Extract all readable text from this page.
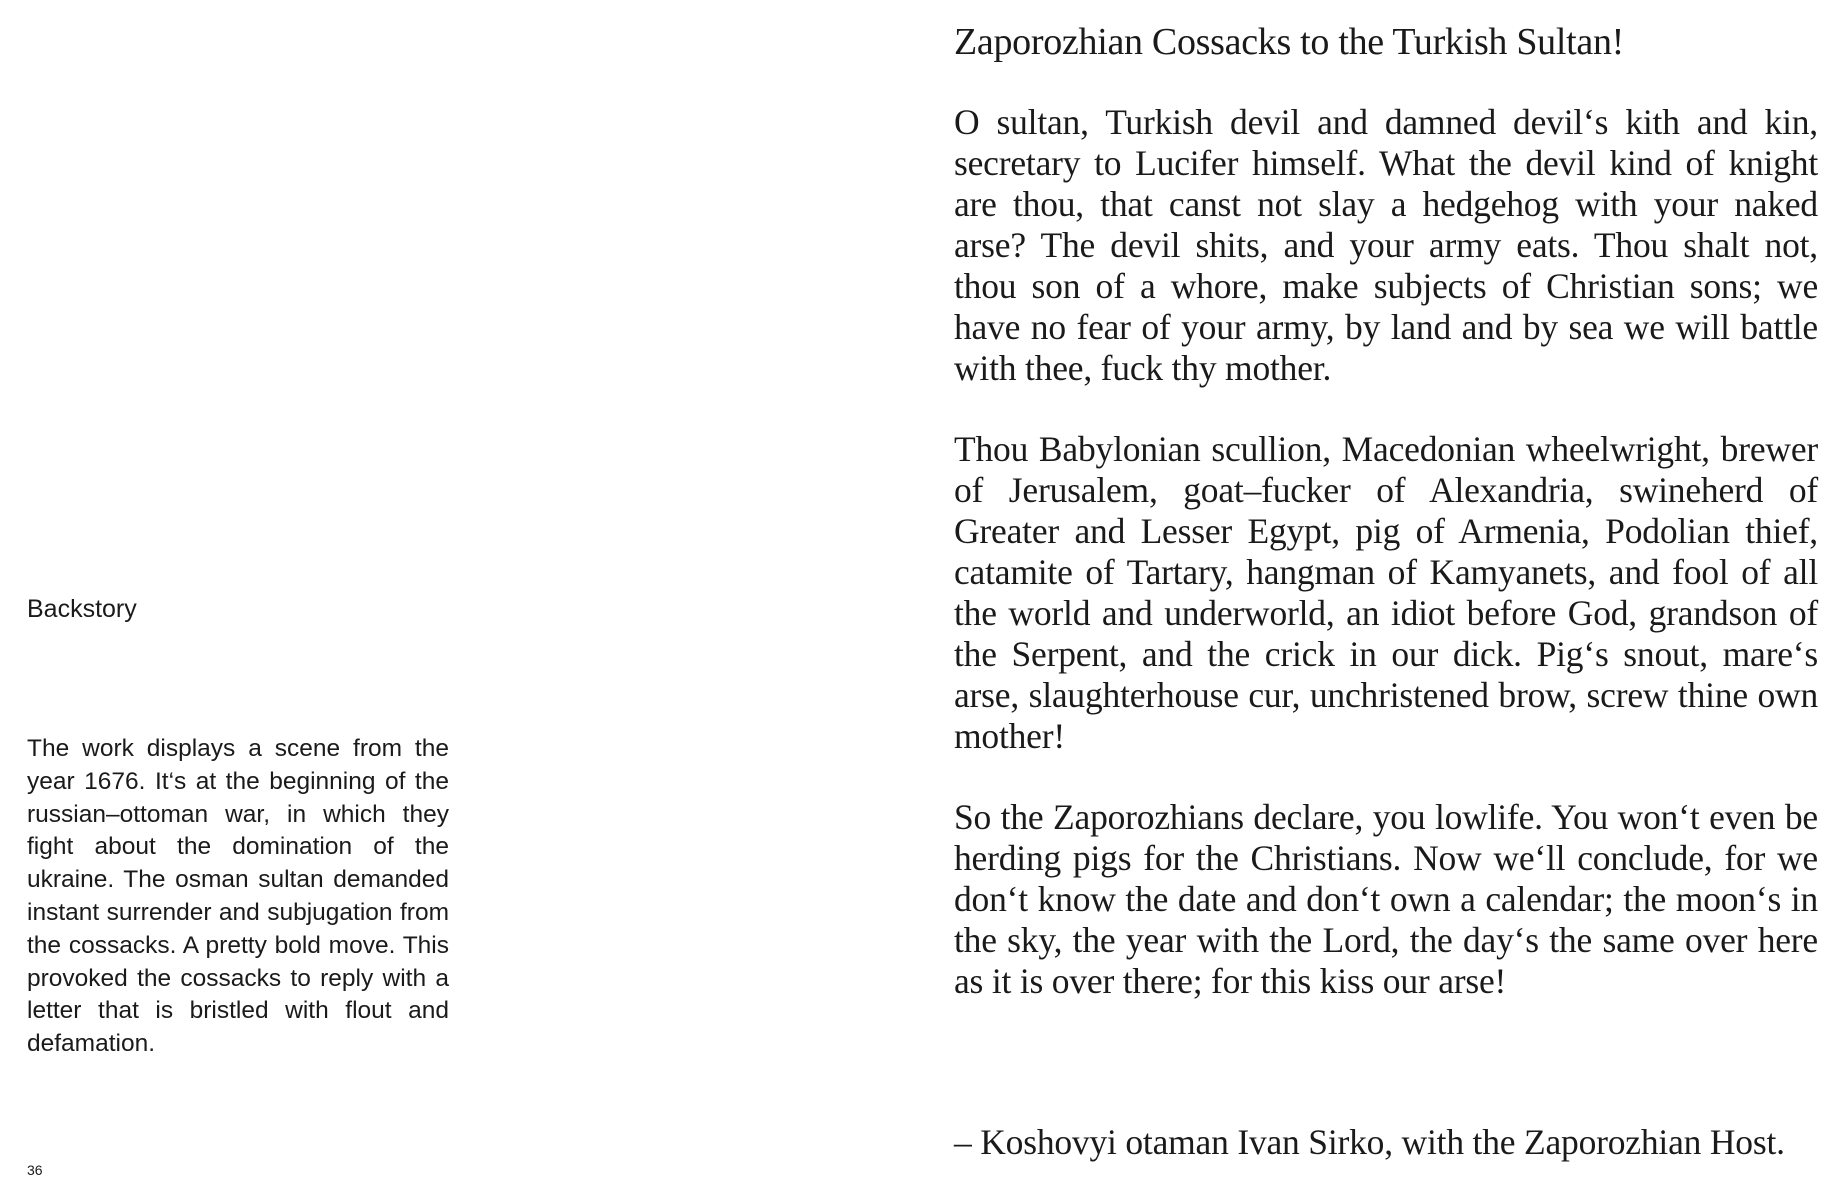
Backstory

The work displays a scene from the year 1676. It‘s at the beginning of the russian–ottoman war, in which they fight about the domination of the ukraine. The osman sultan demanded instant surrender and subjugation from the cossacks. A pretty bold move. This provoked the cossacks to reply with a letter that is bristled with flout and defamation.

36
Zaporozhian Cossacks to the Turkish Sultan!

O sultan, Turkish devil and damned devil‘s kith and kin, secretary to Lucifer himself. What the devil kind of knight are thou, that canst not slay a hedgehog with your naked arse? The devil shits, and your army eats. Thou shalt not, thou son of a whore, make subjects of Christian sons; we have no fear of your army, by land and by sea we will battle with thee, fuck thy mother.

Thou Babylonian scullion, Macedonian wheelwright, brewer of Jerusalem, goat–fucker of Alexandria, swineherd of Greater and Lesser Egypt, pig of Armenia, Podolian thief, catamite of Tartary, hangman of Kamyanets, and fool of all the world and underworld, an idiot before God, grandson of the Serpent, and the crick in our dick. Pig‘s snout, mare‘s arse, slaughterhouse cur, unchristened brow, screw thine own mother!

So the Zaporozhians declare, you lowlife. You won‘t even be herding pigs for the Christians. Now we‘ll conclude, for we don‘t know the date and don‘t own a calendar; the moon‘s in the sky, the year with the Lord, the day‘s the same over here as it is over there; for this kiss our arse!

– Koshovyi otaman Ivan Sirko, with the Zaporozhian Host.
